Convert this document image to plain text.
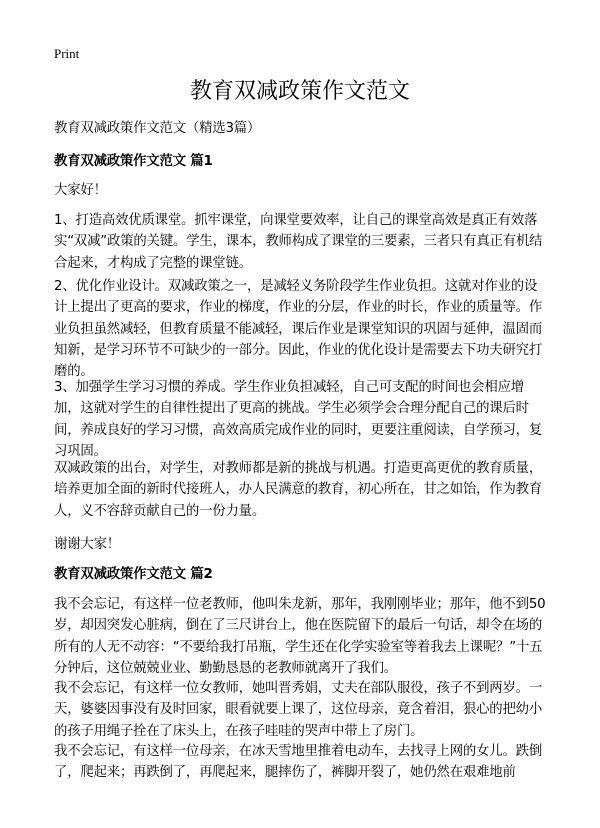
Print
教育双减政策作文范文

教育双减政策作文范文（精选3篇）

教育双减政策作文范文 篇1

大家好！

1、打造高效优质课堂。抓牢课堂，向课堂要效率，让自己的课堂高效是真正有效落实“双减”政策的关键。学生，课本，教师构成了课堂的三要素，三者只有真正有机结合起来，才构成了完整的课堂链。

2、优化作业设计。双减政策之一，是减轻义务阶段学生作业负担。这就对作业的设计上提出了更高的要求，作业的梯度，作业的分层，作业的时长，作业的质量等。作业负担虽然减轻，但教育质量不能减轻，课后作业是课堂知识的巩固与延伸，温固而知新，是学习环节不可缺少的一部分。因此，作业的优化设计是需要去下功夫研究打磨的。

3、加强学生学习习惯的养成。学生作业负担减轻，自己可支配的时间也会相应增加，这就对学生的自律性提出了更高的挑战。学生必须学会合理分配自己的课后时间，养成良好的学习习惯，高效高质完成作业的同时，更要注重阅读，自学预习，复习巩固。

双减政策的出台，对学生，对教师都是新的挑战与机遇。打造更高更优的教育质量，培养更加全面的新时代接班人，办人民满意的教育，初心所在，甘之如饴，作为教育人，义不容辞贡献自己的一份力量。

谢谢大家！

教育双减政策作文范文 篇2

我不会忘记，有这样一位老教师，他叫朱龙新，那年，我刚刚毕业；那年，他不到50岁，却因突发心脏病，倒在了三尺讲台上，他在医院留下的最后一句话，却令在场的所有的人无不动容：“不要给我打吊瓶，学生还在化学实验室等着我去上课呢？”十五分钟后，这位兢兢业业、勤勤恳恳的老教师就离开了我们。

我不会忘记，有这样一位女教师，她叫晋秀娟，丈夫在部队服役，孩子不到两岁。一天，婆婆因事没有及时回家，眼看就要上课了，这位母亲，竟含着泪，狠心的把幼小的孩子用绳子拴在了床头上，在孩子哇哇的哭声中带上了房门。

我不会忘记，有这样一位母亲，在冰天雪地里推着电动车，去找寻上网的女儿。跌倒了，爬起来；再跌倒了，再爬起来，腿摔伤了，裤脚开裂了，她仍然在艰难地前
